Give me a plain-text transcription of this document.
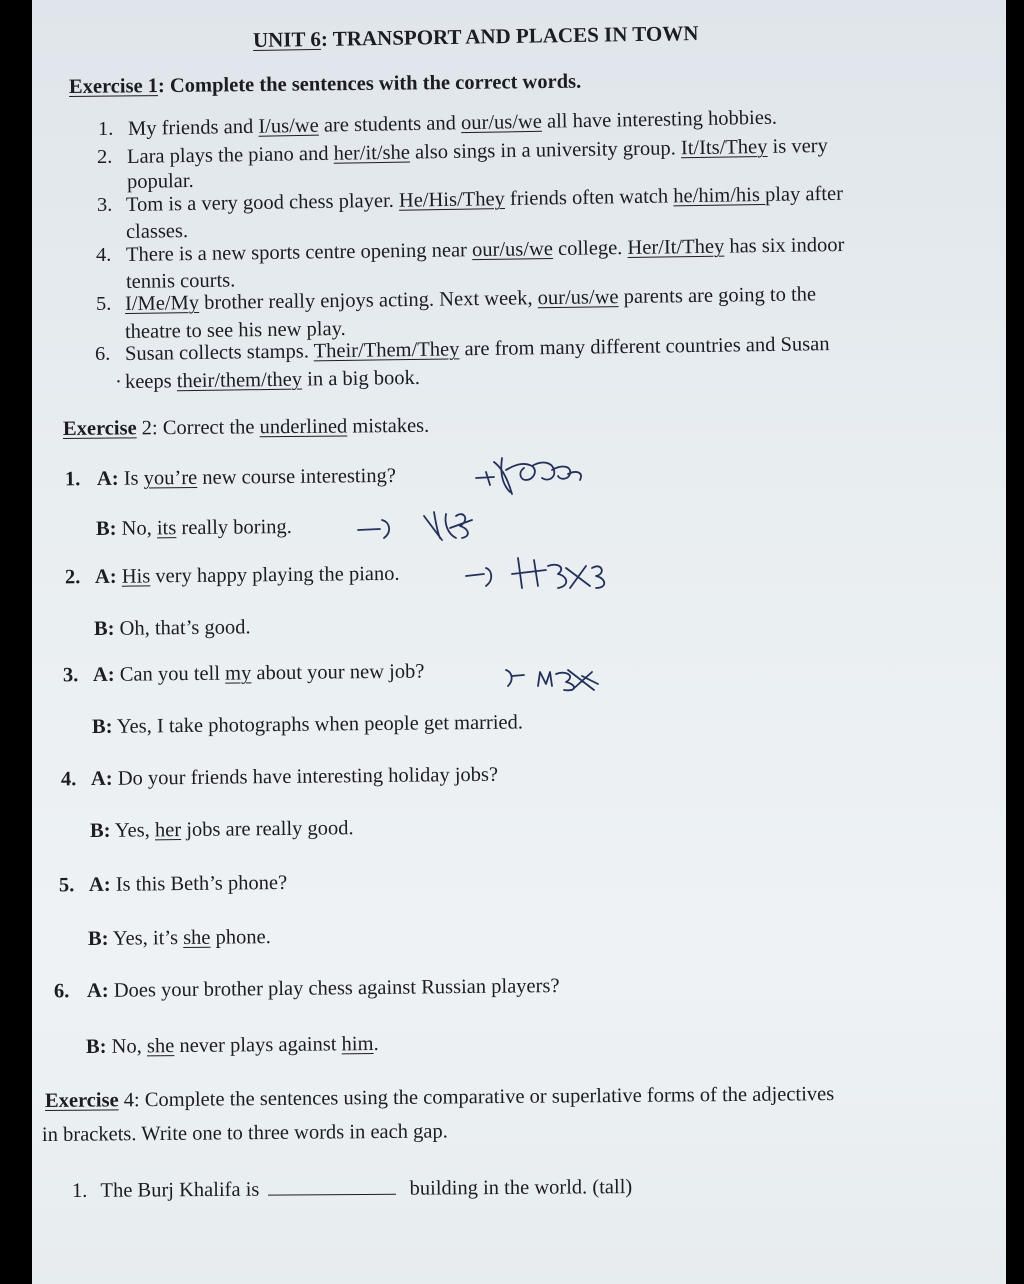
UNIT 6: TRANSPORT AND PLACES IN TOWN
Exercise 1: Complete the sentences with the correct words.
1. My friends and I/us/we are students and our/us/we all have interesting hobbies.
2. Lara plays the piano and her/it/she also sings in a university group. It/Its/They is very
popular.
3. Tom is a very good chess player. He/His/They friends often watch he/him/his play after
classes.
4. There is a new sports centre opening near our/us/we college. Her/It/They has six indoor
tennis courts.
5. I/Me/My brother really enjoys acting. Next week, our/us/we parents are going to the
theatre to see his new play.
6. Susan collects stamps. Their/Them/They are from many different countries and Susan
· keeps their/them/they in a big book.
Exercise 2: Correct the underlined mistakes.
1. A: Is you’re new course interesting?
B: No, its really boring.
2. A: His very happy playing the piano.
B: Oh, that’s good.
3. A: Can you tell my about your new job?
B: Yes, I take photographs when people get married.
4. A: Do your friends have interesting holiday jobs?
B: Yes, her jobs are really good.
5. A: Is this Beth’s phone?
B: Yes, it’s she phone.
6. A: Does your brother play chess against Russian players?
B: No, she never plays against him.
Exercise 4: Complete the sentences using the comparative or superlative forms of the adjectives
in brackets. Write one to three words in each gap.
1. The Burj Khalifa is	building in the world. (tall)
